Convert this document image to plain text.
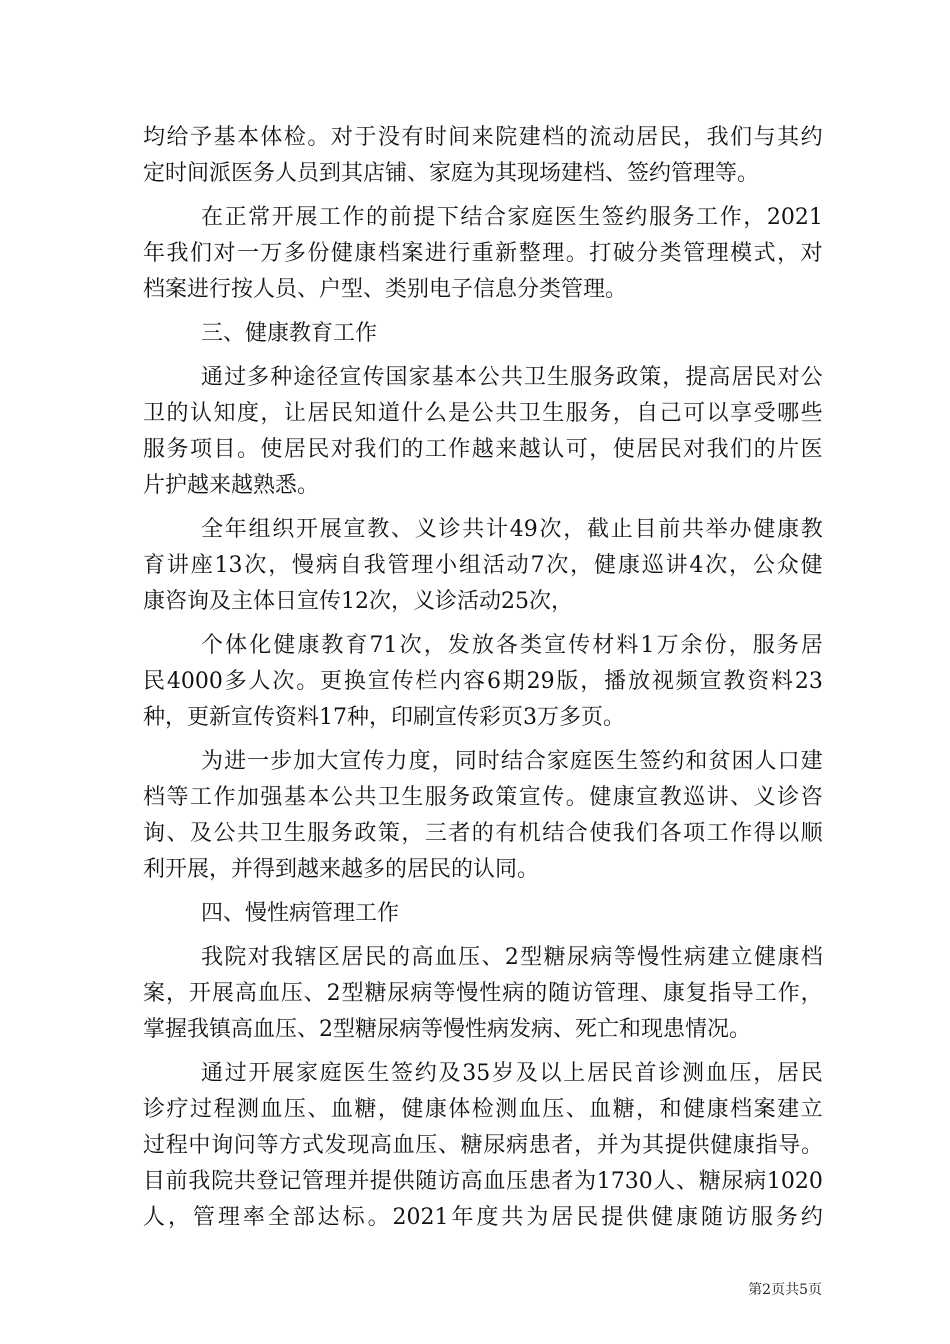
均 给 予 基 本 体 检 。 对 于 没 有 时 间 来 院 建 档 的 流 动 居 民 ， 我 们 与 其 约
定时间派医务人员到其店铺、家庭为其现场建档、签约管理等。
在 正 常 开 展 工 作 的 前 提 下 结 合 家 庭 医 生 签 约 服 务 工 作 ， 2021
年 我 们 对 一 万 多 份 健 康 档 案 进 行 重 新 整 理 。 打 破 分 类 管 理 模 式 ， 对
档案进行按人员、户型、类别电子信息分类管理。
三、健康教育工作
通 过 多 种 途 径 宣 传 国 家 基 本 公 共 卫 生 服 务 政 策 ， 提 高 居 民 对 公
卫 的 认 知 度 ， 让 居 民 知 道 什 么 是 公 共 卫 生 服 务 ， 自 己 可 以 享 受 哪 些
服 务 项 目 。 使 居 民 对 我 们 的 工 作 越 来 越 认 可 ， 使 居 民 对 我 们 的 片 医
片护越来越熟悉。
全 年 组 织 开 展 宣 教 、 义 诊 共 计 49 次 ， 截 止 目 前 共 举 办 健 康 教
育 讲 座 13 次 ， 慢 病 自 我 管 理 小 组 活 动 7 次 ， 健 康 巡 讲 4 次 ， 公 众 健
康咨询及主体日宣传12次，义诊活动25次，
个 体 化 健 康 教 育 71 次 ， 发 放 各 类 宣 传 材 料 1 万 余 份 ， 服 务 居
民 4000 多 人 次 。 更 换 宣 传 栏 内 容 6 期 29 版 ， 播 放 视 频 宣 教 资 料 23
种，更新宣传资料17种，印刷宣传彩页3万多页。
为 进 一 步 加 大 宣 传 力 度 ， 同 时 结 合 家 庭 医 生 签 约 和 贫 困 人 口 建
档 等 工 作 加 强 基 本 公 共 卫 生 服 务 政 策 宣 传 。 健 康 宣 教 巡 讲 、 义 诊 咨
询 、 及 公 共 卫 生 服 务 政 策 ， 三 者 的 有 机 结 合 使 我 们 各 项 工 作 得 以 顺
利开展，并得到越来越多的居民的认同。
四、慢性病管理工作
我 院 对 我 辖 区 居 民 的 高 血 压 、 2 型 糖 尿 病 等 慢 性 病 建 立 健 康 档
案 ， 开 展 高 血 压 、 2 型 糖 尿 病 等 慢 性 病 的 随 访 管 理 、 康 复 指 导 工 作 ，
掌握我镇高血压、2型糖尿病等慢性病发病、死亡和现患情况。
通 过 开 展 家 庭 医 生 签 约 及 35 岁 及 以 上 居 民 首 诊 测 血 压 ， 居 民
诊 疗 过 程 测 血 压 、 血 糖 ， 健 康 体 检 测 血 压 、 血 糖 ， 和 健 康 档 案 建 立
过 程 中 询 问 等 方 式 发 现 高 血 压 、 糖 尿 病 患 者 ， 并 为 其 提 供 健 康 指 导 。
目 前 我 院 共 登 记 管 理 并 提 供 随 访 高 血 压 患 者 为 1730 人 、 糖 尿 病 1020
人 ， 管 理 率 全 部 达 标 。 2021 年 度 共 为 居 民 提 供 健 康 随 访 服 务 约
第2页共5页
